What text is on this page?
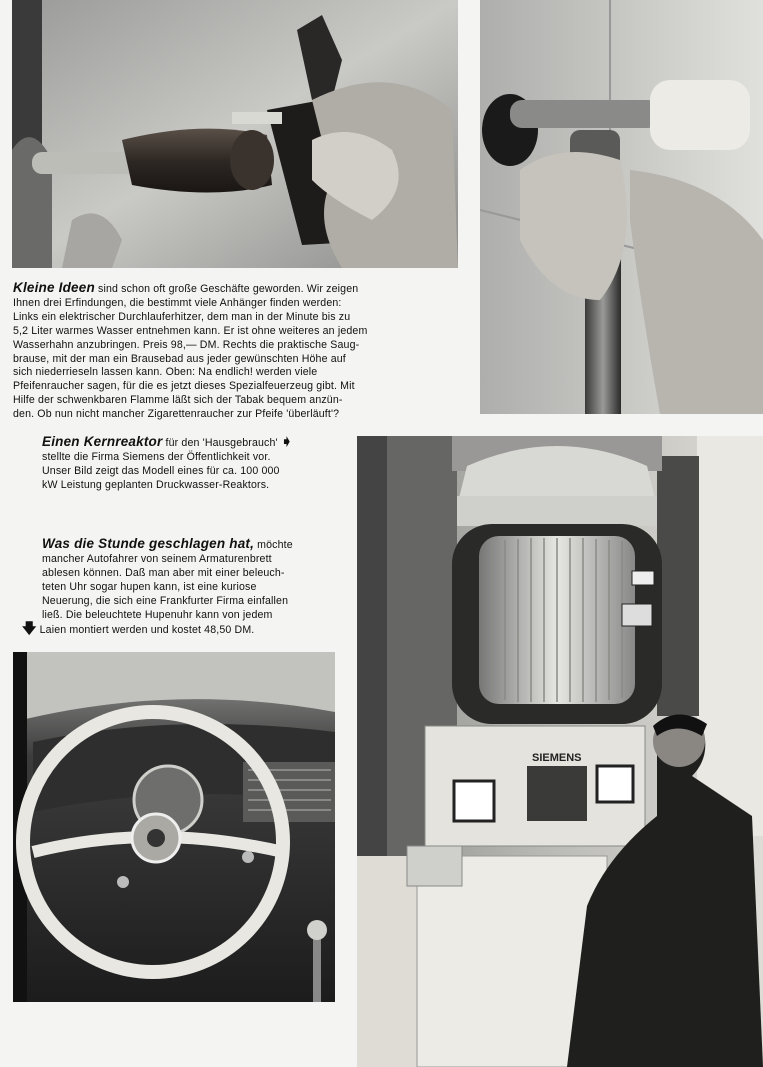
Kleine Ideen sind schon oft große Geschäfte geworden. Wir zeigen
Ihnen drei Erfindungen, die bestimmt viele Anhänger finden werden:
Links ein elektrischer Durchlauferhitzer, dem man in der Minute bis zu
5,2 Liter warmes Wasser entnehmen kann. Er ist ohne weiteres an jedem
Wasserhahn anzubringen. Preis 98,— DM. Rechts die praktische Saug-
brause, mit der man ein Brausebad aus jeder gewünschten Höhe auf
sich niederrieseln lassen kann. Oben: Na endlich! werden viele
Pfeifenraucher sagen, für die es jetzt dieses Spezialfeuerzeug gibt. Mit
Hilfe der schwenkbaren Flamme läßt sich der Tabak bequem anzün-
den. Ob nun nicht mancher Zigarettenraucher zur Pfeife 'überläuft'?
Einen Kernreaktor für den 'Hausgebrauch' ➧
stellte die Firma Siemens der Öffentlichkeit vor.
Unser Bild zeigt das Modell eines für ca. 100 000
kW Leistung geplanten Druckwasser-Reaktors.
Was die Stunde geschlagen hat, möchte
mancher Autofahrer von seinem Armaturenbrett
ablesen können. Daß man aber mit einer beleuch-
teten Uhr sogar hupen kann, ist eine kuriose
Neuerung, die sich eine Frankfurter Firma einfallen
ließ. Die beleuchtete Hupenuhr kann von jedem
🡇 Laien montiert werden und kostet 48,50 DM.
SIEMENS
